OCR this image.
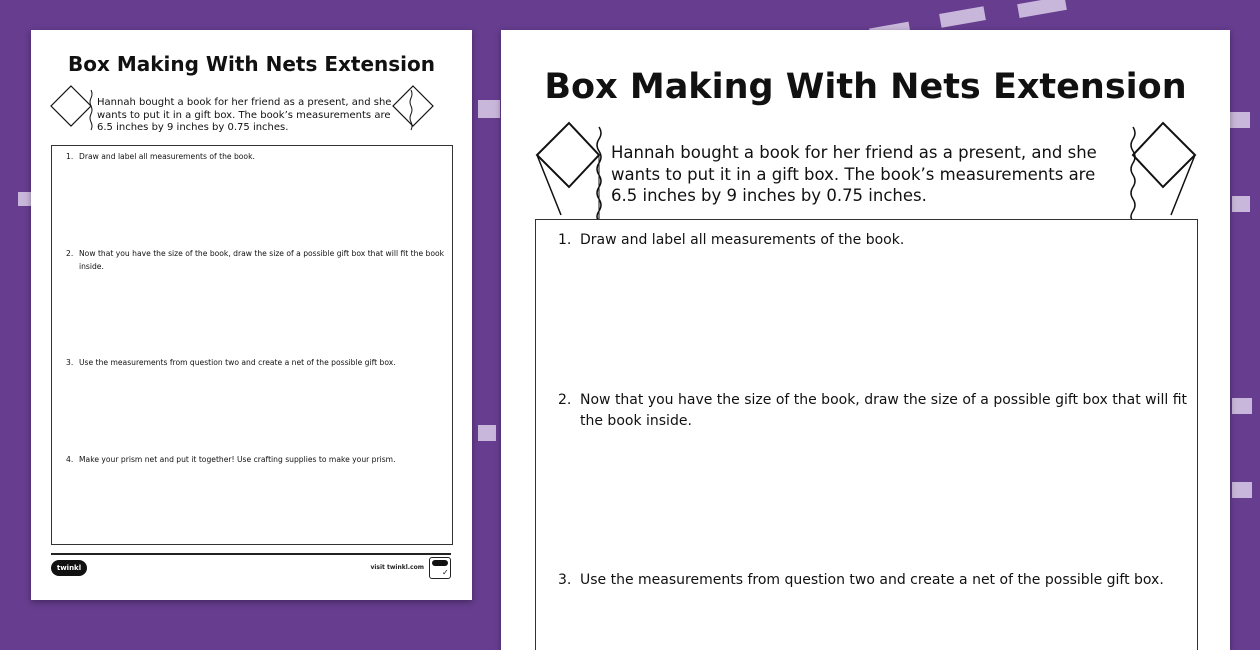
Box Making With Nets Extension

Hannah bought a book for her friend as a present, and she wants to put it in a gift box. The book’s measurements are 6.5 inches by 9 inches by 0.75 inches.

1. Draw and label all measurements of the book.
2. Now that you have the size of the book, draw the size of a possible gift box that will fit the book inside.
3. Use the measurements from question two and create a net of the possible gift box.
4. Make your prism net and put it together! Use crafting supplies to make your prism.
twinkl	visit twinkl.com
✓
Box Making With Nets Extension

Hannah bought a book for her friend as a present, and she wants to put it in a gift box. The book’s measurements are 6.5 inches by 9 inches by 0.75 inches.

1. Draw and label all measurements of the book.
2. Now that you have the size of the book, draw the size of a possible gift box that will fit the book inside.
3. Use the measurements from question two and create a net of the possible gift box.
